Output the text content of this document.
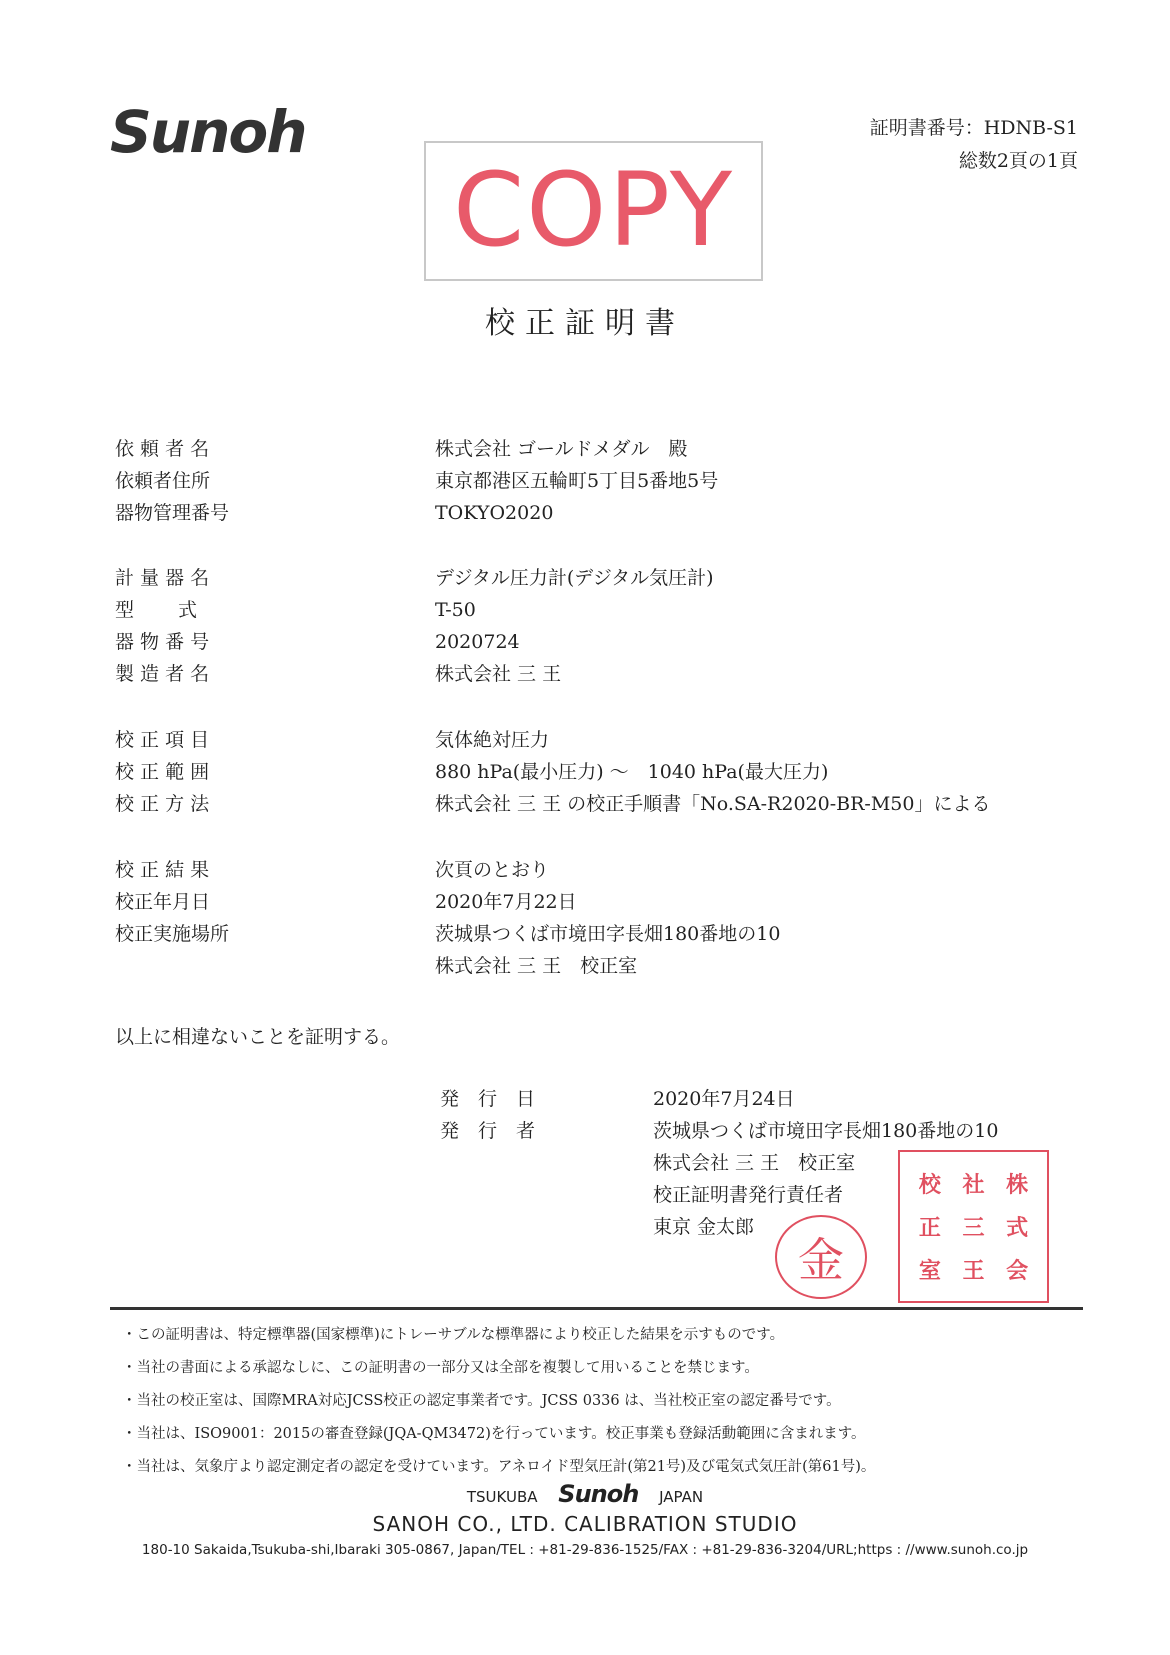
Sunoh	証明書番号：HDNB-S1
総数2頁の1頁
COPY
校正証明書
依 頼 者 名	株式会社 ゴールドメダル　殿
依頼者住所	東京都港区五輪町5丁目5番地5号
器物管理番号	TOKYO2020
計 量 器 名	デジタル圧力計(デジタル気圧計)
型　　 式	T-50
器 物 番 号	2020724
製 造 者 名	株式会社 三 王
校 正 項 目	気体絶対圧力
校 正 範 囲	880 hPa(最小圧力) ～　1040 hPa(最大圧力)
校 正 方 法	株式会社 三 王 の校正手順書「No.SA-R2020-BR-M50」による
校 正 結 果	次頁のとおり
校正年月日	2020年7月22日
校正実施場所	茨城県つくば市境田字長畑180番地の10
株式会社 三 王　校正室
以上に相違ないことを証明する。
発　行　日	2020年7月24日
発　行　者	茨城県つくば市境田字長畑180番地の10
株式会社 三 王　校正室
校正証明書発行責任者
東京 金太郎
金
校 社 株
正 三 式
室 王 会
・この証明書は、特定標準器(国家標準)にトレーサブルな標準器により校正した結果を示すものです。
・当社の書面による承認なしに、この証明書の一部分又は全部を複製して用いることを禁じます。
・当社の校正室は、国際MRA対応JCSS校正の認定事業者です。JCSS 0336 は、当社校正室の認定番号です。
・当社は、ISO9001：2015の審査登録(JQA-QM3472)を行っています。校正事業も登録活動範囲に含まれます。
・当社は、気象庁より認定測定者の認定を受けています。アネロイド型気圧計(第21号)及び電気式気圧計(第61号)。
TSUKUBA Sunoh JAPAN
SANOH CO., LTD. CALIBRATION STUDIO
180-10 Sakaida,Tsukuba-shi,Ibaraki 305-0867, Japan/TEL : +81-29-836-1525/FAX : +81-29-836-3204/URL;https : //www.sunoh.co.jp
